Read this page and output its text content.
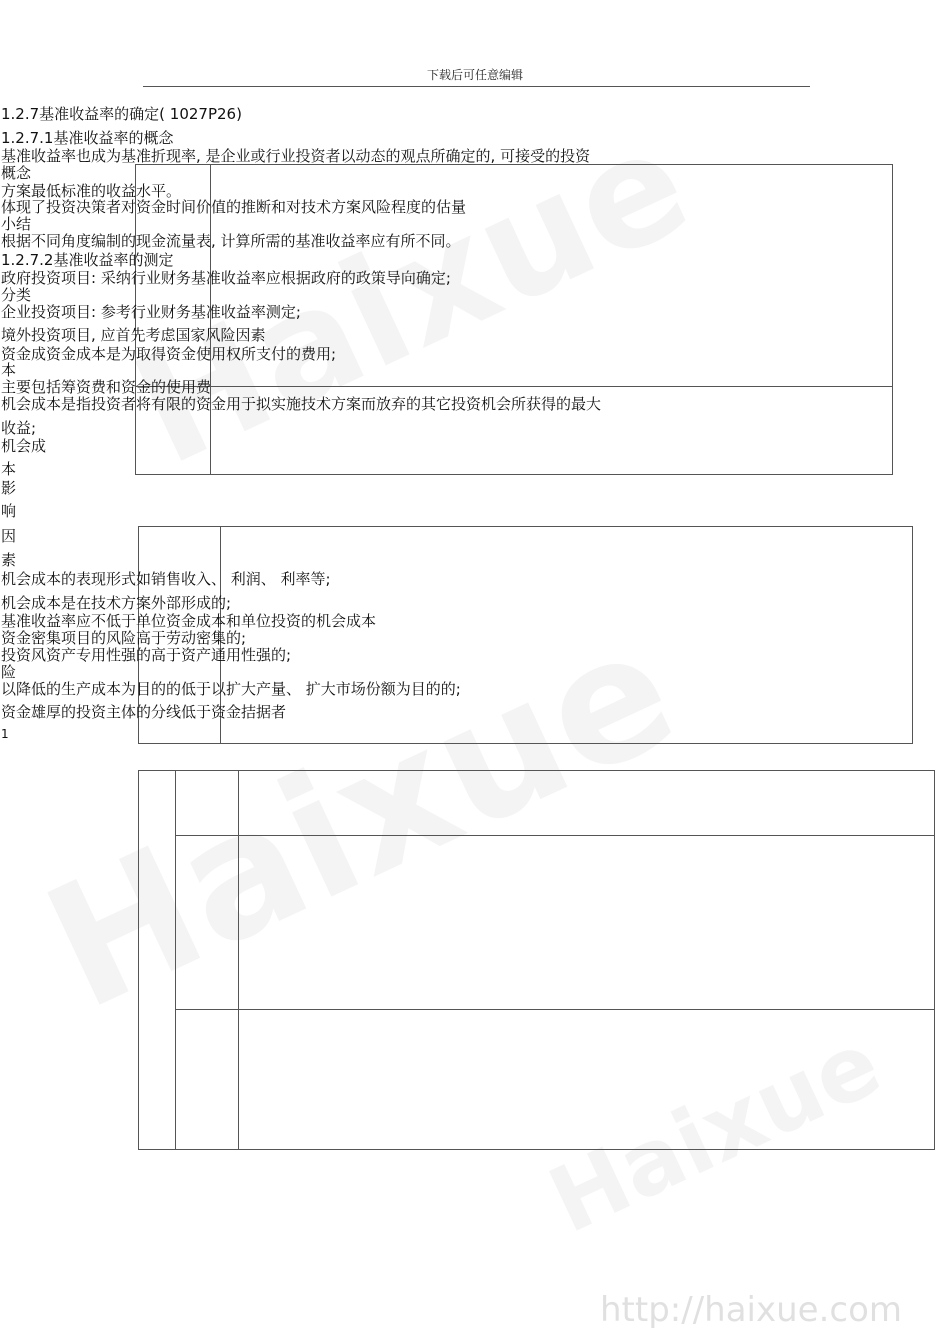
http://haixue.com
下载后可任意编辑
1.2.7基准收益率的确定( 1027P26)
1.2.7.1基准收益率的概念
基准收益率也成为基准折现率, 是企业或行业投资者以动态的观点所确定的, 可接受的投资
概念
方案最低标准的收益水平。
体现了投资决策者对资金时间价值的推断和对技术方案风险程度的估量
小结
根据不同角度编制的现金流量表, 计算所需的基准收益率应有所不同。
1.2.7.2基准收益率的测定
政府投资项目: 采纳行业财务基准收益率应根据政府的政策导向确定;
分类
企业投资项目: 参考行业财务基准收益率测定;
境外投资项目, 应首先考虑国家风险因素
资金成资金成本是为取得资金使用权所支付的费用;
本
主要包括筹资费和资金的使用费
机会成本是指投资者将有限的资金用于拟实施技术方案而放弃的其它投资机会所获得的最大
收益;
机会成
本
影
响
因
素
机会成本的表现形式如销售收入、 利润、 利率等;
机会成本是在技术方案外部形成的;
基准收益率应不低于单位资金成本和单位投资的机会成本
资金密集项目的风险高于劳动密集的;
投资风资产专用性强的高于资产通用性强的;
险
以降低的生产成本为目的的低于以扩大产量、 扩大市场份额为目的的;
资金雄厚的投资主体的分线低于资金拮据者
1
